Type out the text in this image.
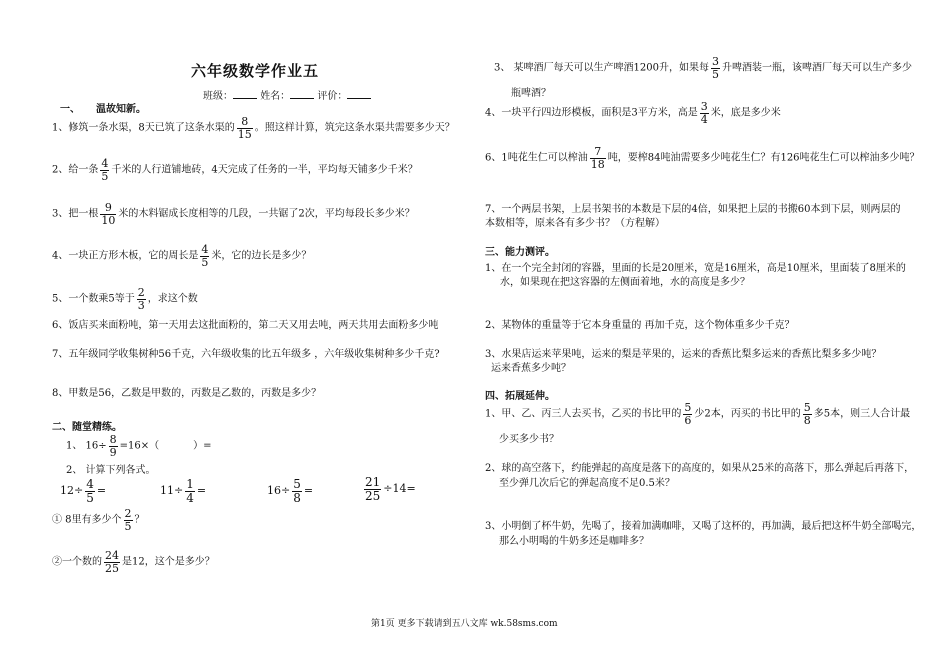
六年级数学作业五
班级：	姓名：	评价：
一、 温故知新。
1、修筑一条水渠，8天已筑了这条水渠的 $\frac{8}{15}$ 。照这样计算，筑完这条水渠共需要多少天？
2、给一条 $\frac{4}{5}$ 千米的人行道铺地砖，4天完成了任务的一半，平均每天铺多少千米？
3、把一根 $\frac{9}{10}$ 米的木料锯成长度相等的几段，一共锯了2次，平均每段长多少米？
4、一块正方形木板，它的周长是 $\frac{4}{5}$ 米，它的边长是多少？
5、一个数乘5等于 $\frac{2}{3}$ ，求这个数
6、饭店买来面粉吨，第一天用去这批面粉的，第二天又用去吨，两天共用去面粉多少吨
7、五年级同学收集树种56千克，六年级收集的比五年级多 ，六年级收集树种多少千克?
8、甲数是56，乙数是甲数的，丙数是乙数的，丙数是多少？
二、随堂精练。
1、 $16\div \frac{8}{9} =16\times$（	）=
2、 计算下列各式。
$12\div \frac{4}{5}$ =	$11\div \frac{1}{4}$ =	$16\div \frac{5}{8}$ =	$\frac{21}{25} \div 14=$
① 8里有多少个 $\frac{2}{5}$ ？
②一个数的 $\frac{24}{25}$ 是12，这个是多少？
3、 某啤酒厂每天可以生产啤酒1200升，如果每 $\frac{3}{5}$ 升啤酒装一瓶，该啤酒厂每天可以生产多少
瓶啤酒？
4、一块平行四边形模板，面积是3平方米，高是 $\frac{3}{4}$ 米，底是多少米
6、1吨花生仁可以榨油 $\frac{7}{18}$ 吨，要榨84吨油需要多少吨花生仁？有126吨花生仁可以榨油多少吨？
7、一个两层书架，上层书架书的本数是下层的4倍，如果把上层的书搬60本到下层，则两层的
本数相等，原来各有多少书？（方程解）
三、能力测评。
1、在一个完全封闭的容器，里面的长是20厘米，宽是16厘米，高是10厘米，里面装了8厘米的
水，如果现在把这容器的左侧面着地，水的高度是多少？
2、某物体的重量等于它本身重量的 再加千克，这个物体重多少千克？
3、水果店运来苹果吨，运来的梨是苹果的，运来的香蕉比梨多运来的香蕉比梨多多少吨？
运来香蕉多少吨？
四、拓展延伸。
1、甲、乙、丙三人去买书，乙买的书比甲的 $\frac{5}{6}$ 少2本，丙买的书比甲的 $\frac{5}{8}$ 多5本，则三人合计最
少买多少书？
2、球的高空落下，约能弹起的高度是落下的高度的，如果从25米的高落下，那么弹起后再落下，
至少弹几次后它的弹起高度不足0.5米？
3、小明倒了杯牛奶，先喝了，接着加满咖啡，又喝了这杯的，再加满，最后把这杯牛奶全部喝完，
那么小明喝的牛奶多还是咖啡多？
第1页 更多下载请到五八文库 wk.58sms.com
